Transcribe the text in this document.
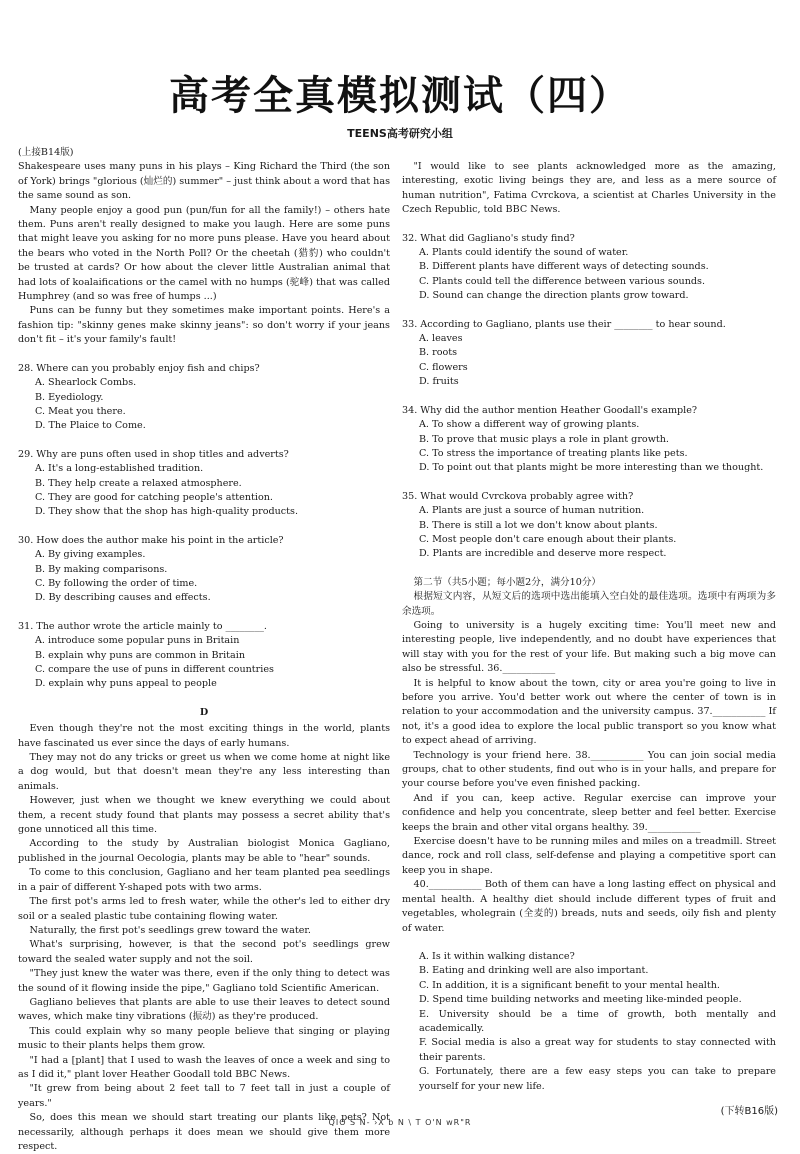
高考全真模拟测试（四）
TEENS高考研究小组

(上接B14版)

Shakespeare uses many puns in his plays – King Richard the Third (the son of York) brings "glorious (灿烂的) summer" – just think about a word that has the same sound as son.

Many people enjoy a good pun (pun/fun for all the family!) – others hate them. Puns aren't really designed to make you laugh. Here are some puns that might leave you asking for no more puns please. Have you heard about the bears who voted in the North Poll? Or the cheetah (猎豹) who couldn't be trusted at cards? Or how about the clever little Australian animal that had lots of koalaifications or the camel with no humps (驼峰) that was called Humphrey (and so was free of humps ...)

Puns can be funny but they sometimes make important points. Here's a fashion tip: "skinny genes make skinny jeans": so don't worry if your jeans don't fit – it's your family's fault!

28. Where can you probably enjoy fish and chips?

A. Shearlock Combs.

B. Eyediology.

C. Meat you there.

D. The Plaice to Come.

29. Why are puns often used in shop titles and adverts?

A. It's a long-established tradition.

B. They help create a relaxed atmosphere.

C. They are good for catching people's attention.

D. They show that the shop has high-quality products.

30. How does the author make his point in the article?

A. By giving examples.

B. By making comparisons.

C. By following the order of time.

D. By describing causes and effects.

31. The author wrote the article mainly to ________.

A. introduce some popular puns in Britain

B. explain why puns are common in Britain

C. compare the use of puns in different countries

D. explain why puns appeal to people

D

Even though they're not the most exciting things in the world, plants have fascinated us ever since the days of early humans.

They may not do any tricks or greet us when we come home at night like a dog would, but that doesn't mean they're any less interesting than animals.

However, just when we thought we knew everything we could about them, a recent study found that plants may possess a secret ability that's gone unnoticed all this time.

According to the study by Australian biologist Monica Gagliano, published in the journal Oecologia, plants may be able to "hear" sounds.

To come to this conclusion, Gagliano and her team planted pea seedlings in a pair of different Y-shaped pots with two arms.

The first pot's arms led to fresh water, while the other's led to either dry soil or a sealed plastic tube containing flowing water.

Naturally, the first pot's seedlings grew toward the water.

What's surprising, however, is that the second pot's seedlings grew toward the sealed water supply and not the soil.

"They just knew the water was there, even if the only thing to detect was the sound of it flowing inside the pipe," Gagliano told Scientific American.

Gagliano believes that plants are able to use their leaves to detect sound waves, which make tiny vibrations (振动) as they're produced.

This could explain why so many people believe that singing or playing music to their plants helps them grow.

"I had a [plant] that I used to wash the leaves of once a week and sing to as I did it," plant lover Heather Goodall told BBC News.

"It grew from being about 2 feet tall to 7 feet tall in just a couple of years."

So, does this mean we should start treating our plants like pets? Not necessarily, although perhaps it does mean we should give them more respect.

"I would like to see plants acknowledged more as the amazing, interesting, exotic living beings they are, and less as a mere source of human nutrition", Fatima Cvrckova, a scientist at Charles University in the Czech Republic, told BBC News.

32. What did Gagliano's study find?

A. Plants could identify the sound of water.

B. Different plants have different ways of detecting sounds.

C. Plants could tell the difference between various sounds.

D. Sound can change the direction plants grow toward.

33. According to Gagliano, plants use their ________ to hear sound.

A. leaves

B. roots

C. flowers

D. fruits

34. Why did the author mention Heather Goodall's example?

A. To show a different way of growing plants.

B. To prove that music plays a role in plant growth.

C. To stress the importance of treating plants like pets.

D. To point out that plants might be more interesting than we thought.

35. What would Cvrckova probably agree with?

A. Plants are just a source of human nutrition.

B. There is still a lot we don't know about plants.

C. Most people don't care enough about their plants.

D. Plants are incredible and deserve more respect.

第二节（共5小题；每小题2分，满分10分）

根据短文内容，从短文后的选项中选出能填入空白处的最佳选项。选项中有两项为多余选项。

Going to university is a hugely exciting time: You'll meet new and interesting people, live independently, and no doubt have experiences that will stay with you for the rest of your life. But making such a big move can also be stressful. 36.___________

It is helpful to know about the town, city or area you're going to live in before you arrive. You'd better work out where the center of town is in relation to your accommodation and the university campus. 37.___________ If not, it's a good idea to explore the local public transport so you know what to expect ahead of arriving.

Technology is your friend here. 38.___________ You can join social media groups, chat to other students, find out who is in your halls, and prepare for your course before you've even finished packing.

And if you can, keep active. Regular exercise can improve your confidence and help you concentrate, sleep better and feel better. Exercise keeps the brain and other vital organs healthy. 39.___________

Exercise doesn't have to be running miles and miles on a treadmill. Street dance, rock and roll class, self-defense and playing a competitive sport can keep you in shape.

40.___________ Both of them can have a long lasting effect on physical and mental health. A healthy diet should include different types of fruit and vegetables, wholegrain (全麦的) breads, nuts and seeds, oily fish and plenty of water.

A. Is it within walking distance?

B. Eating and drinking well are also important.

C. In addition, it is a significant benefit to your mental health.

D. Spend time building networks and meeting like-minded people.

E. University should be a time of growth, both mentally and academically.

F. Social media is also a great way for students to stay connected with their parents.

G. Fortunately, there are a few easy steps you can take to prepare yourself for your new life.

(下转B16版)
QIO S N- ›X b N \ T O'N wR"R
